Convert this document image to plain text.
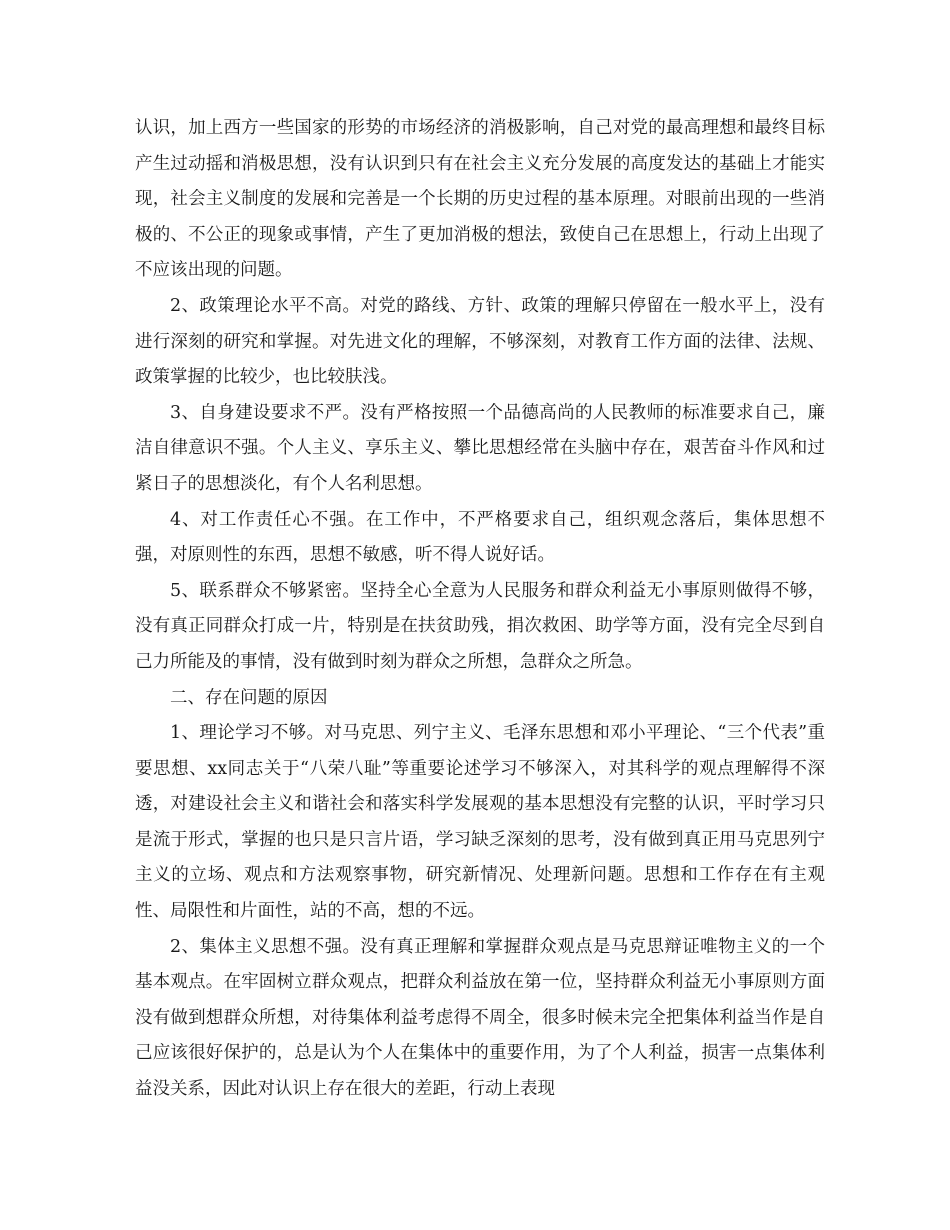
认识，加上西方一些国家的形势的市场经济的消极影响，自己对党的最高理想和最终目标产生过动摇和消极思想，没有认识到只有在社会主义充分发展的高度发达的基础上才能实现，社会主义制度的发展和完善是一个长期的历史过程的基本原理。对眼前出现的一些消极的、不公正的现象或事情，产生了更加消极的想法，致使自己在思想上，行动上出现了不应该出现的问题。

2、政策理论水平不高。对党的路线、方针、政策的理解只停留在一般水平上，没有进行深刻的研究和掌握。对先进文化的理解，不够深刻，对教育工作方面的法律、法规、政策掌握的比较少，也比较肤浅。

3、自身建设要求不严。没有严格按照一个品德高尚的人民教师的标准要求自己，廉洁自律意识不强。个人主义、享乐主义、攀比思想经常在头脑中存在，艰苦奋斗作风和过紧日子的思想淡化，有个人名利思想。

4、对工作责任心不强。在工作中，不严格要求自己，组织观念落后，集体思想不强，对原则性的东西，思想不敏感，听不得人说好话。

5、联系群众不够紧密。坚持全心全意为人民服务和群众利益无小事原则做得不够，没有真正同群众打成一片，特别是在扶贫助残，捐次救困、助学等方面，没有完全尽到自己力所能及的事情，没有做到时刻为群众之所想，急群众之所急。

二、存在问题的原因

1、理论学习不够。对马克思、列宁主义、毛泽东思想和邓小平理论、“三个代表”重要思想、xx同志关于“八荣八耻”等重要论述学习不够深入，对其科学的观点理解得不深透，对建设社会主义和谐社会和落实科学发展观的基本思想没有完整的认识，平时学习只是流于形式，掌握的也只是只言片语，学习缺乏深刻的思考，没有做到真正用马克思列宁主义的立场、观点和方法观察事物，研究新情况、处理新问题。思想和工作存在有主观性、局限性和片面性，站的不高，想的不远。

2、集体主义思想不强。没有真正理解和掌握群众观点是马克思辩证唯物主义的一个基本观点。在牢固树立群众观点，把群众利益放在第一位，坚持群众利益无小事原则方面没有做到想群众所想，对待集体利益考虑得不周全，很多时候未完全把集体利益当作是自己应该很好保护的，总是认为个人在集体中的重要作用，为了个人利益，损害一点集体利益没关系，因此对认识上存在很大的差距，行动上表现
